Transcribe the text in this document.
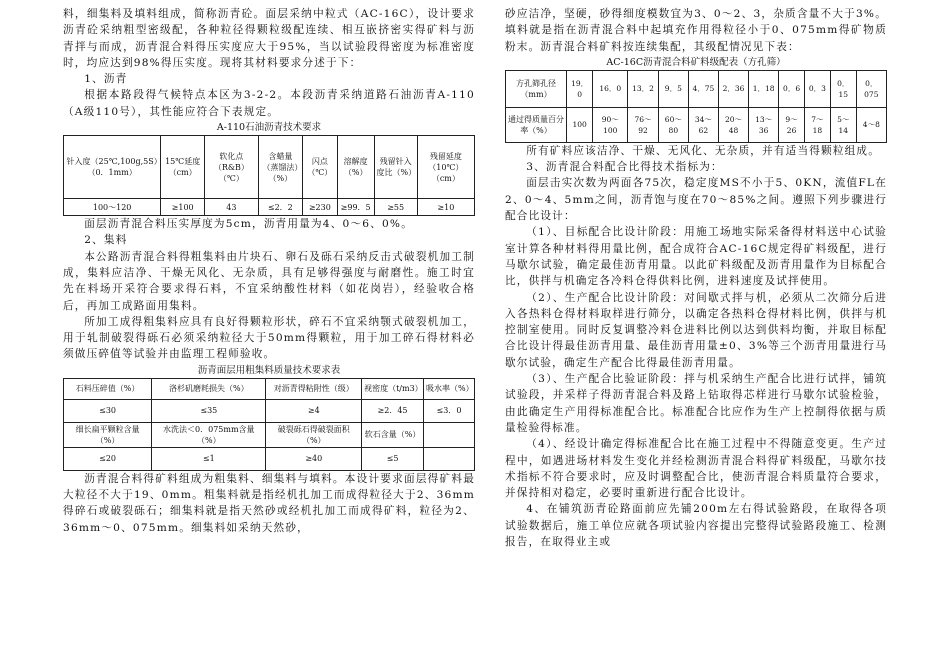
料，细集料及填料组成，简称沥青砼。面层采纳中粒式（AC-16C），设计要求沥青砼采纳粗型密级配，各种粒径得颗粒级配连续、相互嵌挤密实得矿料与沥青拌与而成，沥青混合料得压实度应大于95%，当以试验段得密度为标准密度时，均应达到98%得压实度。现将其材料要求分述于下：

1、沥青

根据本路段得气候特点本区为3-2-2。本段沥青采纳道路石油沥青A-110（A级110号），其性能应符合下表规定。

A-110石油沥青技术要求
针入度（25℃,100g,5S）（0．1mm）	15℃延度（cm）	软化点（R&B）（℃）	含蜡量（蒸馏法）（%）	闪点（℃）	溶解度（%）	残留针入度比（%）	残留延度（10℃）（cm）
100～120	≥100	43	≤2．2	≥230	≥99．5	≥55	≥10

面层沥青混合料压实厚度为5cm，沥青用量为4、0～6、0%。

2、集料

本公路沥青混合料得粗集料由片块石、卵石及砾石采纳反击式破裂机加工制成，集料应洁净、干燥无风化、无杂质，具有足够得强度与耐磨性。施工时宜先在料场开采符合要求得石料，不宜采纳酸性材料（如花岗岩），经验收合格后，再加工成路面用集料。

所加工成得粗集料应具有良好得颗粒形状，碎石不宜采纳颚式破裂机加工，用于轧制破裂得砾石必须采纳粒径大于50mm得颗粒，用于加工碎石得材料必须做压碎值等试验并由监理工程师验收。

沥青面层用粗集料质量技术要求表
石料压碎值（%）	洛杉矶磨耗损失（%）	对沥青得粘附性（级）	视密度（t/m3）	吸水率（%）
≤30	≤35	≥4	≥2．45	≤3．0
细长扁平颗粒含量（%）	水洗法＜0．075mm含量（%）	破裂砾石得破裂面积（%）	软石含量（%）	
≤20	≤1	≥40	≤5	

沥青混合料得矿料组成为粗集料、细集料与填料。本设计要求面层得矿料最大粒径不大于19、0mm。粗集料就是指经机扎加工而成得粒径大于2、36mm得碎石或破裂砾石；细集料就是指天然砂或经机扎加工而成得矿料，粒径为2、36mm～0、075mm。细集料如采纳天然砂，

砂应洁净，坚硬，砂得细度模数宜为3、0～2、3，杂质含量不大于3%。填料就是指在沥青混合料中起填充作用得粒径小于0、075mm得矿物质粉末。沥青混合料矿料按连续集配，其级配情况见下表：

AC-16C沥青混合料矿料级配表（方孔筛）
方孔筛孔径（mm）	19．0	16．0	13．2	9．5	4．75	2．36	1．18	0．6	0．3	0．15	0．075
通过得质量百分率（%）	100	90～100	76～92	60～80	34～62	20～48	13～36	9～26	7～18	5～14	4～8

所有矿料应该洁净、干燥、无风化、无杂质，并有适当得颗粒组成。

3、沥青混合料配合比得技术指标为：

面层击实次数为两面各75次，稳定度MS不小于5、0KN，流值FL在2、0～4、5mm之间，沥青饱与度在70～85%之间。遵照下列步骤进行配合比设计：

（1）、目标配合比设计阶段：用施工场地实际采备得材料送中心试验室计算各种材料得用量比例，配合成符合AC-16C规定得矿料级配，进行马歇尔试验，确定最佳沥青用量。以此矿料级配及沥青用量作为目标配合比，供拌与机确定各冷料仓得供料比例，进料速度及试拌使用。

（2）、生产配合比设计阶段：对间歇式拌与机，必须从二次筛分后进入各热料仓得材料取样进行筛分，以确定各热料仓得材料比例，供拌与机控制室使用。同时反复调整冷料仓进料比例以达到供料均衡，并取目标配合比设计得最佳沥青用量、最佳沥青用量±0、3%等三个沥青用量进行马歇尔试验，确定生产配合比得最佳沥青用量。

（3）、生产配合比验证阶段：拌与机采纳生产配合比进行试拌，铺筑试验段，并采样子得沥青混合料及路上钻取得芯样进行马歇尔试验检验，由此确定生产用得标准配合比。标准配合比应作为生产上控制得依据与质量检验得标准。

（4）、经设计确定得标准配合比在施工过程中不得随意变更。生产过程中，如遇进场材料发生变化并经检测沥青混合料得矿料级配，马歇尔技术指标不符合要求时，应及时调整配合比，使沥青混合料质量符合要求，并保持相对稳定，必要时重新进行配合比设计。

4、在铺筑沥青砼路面前应先铺200m左右得试验路段，在取得各项试验数据后，施工单位应就各项试验内容提出完整得试验路段施工、检测报告，在取得业主或
